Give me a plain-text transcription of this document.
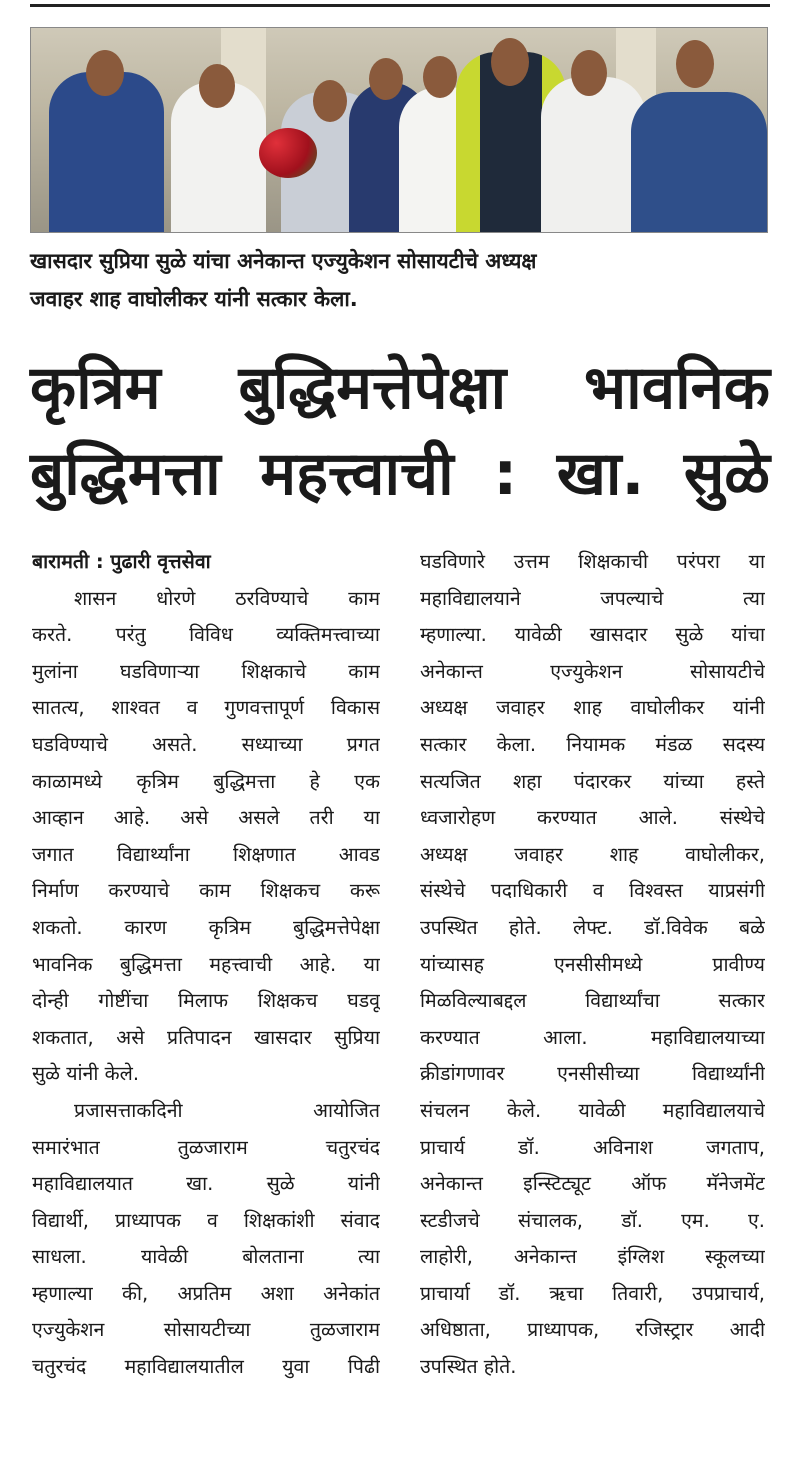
खासदार सुप्रिया सुळे यांचा अनेकान्त एज्युकेशन सोसायटीचे अध्यक्ष
जवाहर शाह वाघोलीकर यांनी सत्कार केला.
कृत्रिम बुद्धिमत्तेपेक्षा भावनिक
बुद्धिमत्ता महत्त्वाची : खा. सुळे
बारामती : पुढारी वृत्तसेवा
शासन धोरणे ठरविण्याचे काम
करते. परंतु विविध व्यक्तिमत्त्वाच्या
मुलांना घडविणाऱ्या शिक्षकाचे काम
सातत्य, शाश्वत व गुणवत्तापूर्ण विकास
घडविण्याचे असते. सध्याच्या प्रगत
काळामध्ये कृत्रिम बुद्धिमत्ता हे एक
आव्हान आहे. असे असले तरी या
जगात विद्यार्थ्यांना शिक्षणात आवड
निर्माण करण्याचे काम शिक्षकच करू
शकतो. कारण कृत्रिम बुद्धिमत्तेपेक्षा
भावनिक बुद्धिमत्ता महत्त्वाची आहे. या
दोन्ही गोष्टींचा मिलाफ शिक्षकच घडवू
शकतात, असे प्रतिपादन खासदार सुप्रिया
सुळे यांनी केले.
प्रजासत्ताकदिनी आयोजित
समारंभात तुळजाराम चतुरचंद
महाविद्यालयात खा. सुळे यांनी
विद्यार्थी, प्राध्यापक व शिक्षकांशी संवाद
साधला. यावेळी बोलताना त्या
म्हणाल्या की, अप्रतिम अशा अनेकांत
एज्युकेशन सोसायटीच्या तुळजाराम
चतुरचंद महाविद्यालयातील युवा पिढी
घडविणारे उत्तम शिक्षकाची परंपरा या
महाविद्यालयाने जपल्याचे त्या
म्हणाल्या. यावेळी खासदार सुळे यांचा
अनेकान्त एज्युकेशन सोसायटीचे
अध्यक्ष जवाहर शाह वाघोलीकर यांनी
सत्कार केला. नियामक मंडळ सदस्य
सत्यजित शहा पंदारकर यांच्या हस्ते
ध्वजारोहण करण्यात आले. संस्थेचे
अध्यक्ष जवाहर शाह वाघोलीकर,
संस्थेचे पदाधिकारी व विश्वस्त याप्रसंगी
उपस्थित होते. लेफ्ट. डॉ.विवेक बळे
यांच्यासह एनसीसीमध्ये प्रावीण्य
मिळविल्याबद्दल विद्यार्थ्यांचा सत्कार
करण्यात आला. महाविद्यालयाच्या
क्रीडांगणावर एनसीसीच्या विद्यार्थ्यांनी
संचलन केले. यावेळी महाविद्यालयाचे
प्राचार्य डॉ. अविनाश जगताप,
अनेकान्त इन्स्टिट्यूट ऑफ मॅनेजमेंट
स्टडीजचे संचालक, डॉ. एम. ए.
लाहोरी, अनेकान्त इंग्लिश स्कूलच्या
प्राचार्या डॉ. ऋचा तिवारी, उपप्राचार्य,
अधिष्ठाता, प्राध्यापक, रजिस्ट्रार आदी
उपस्थित होते.
